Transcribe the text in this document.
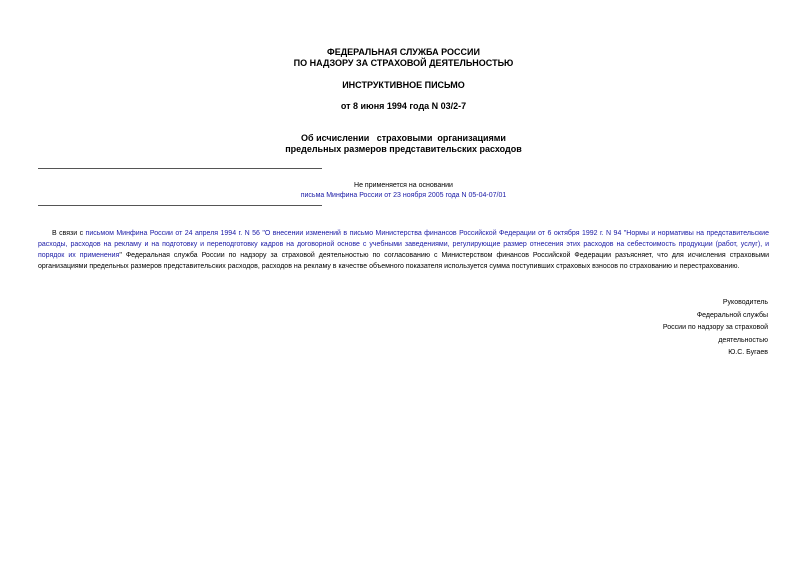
ФЕДЕРАЛЬНАЯ СЛУЖБА РОССИИ
ПО НАДЗОРУ ЗА СТРАХОВОЙ ДЕЯТЕЛЬНОСТЬЮ
ИНСТРУКТИВНОЕ ПИСЬМО
от 8 июня 1994 года N 03/2-7
Об исчислении   страховыми  организациями
предельных размеров представительских расходов
Не применяется на основании
письма Минфина России от 23 ноября 2005 года N 05-04-07/01
В связи с письмом Минфина России от 24 апреля 1994 г. N 56 "О внесении изменений в письмо Министерства финансов Российской Федерации от 6 октября 1992 г. N 94 "Нормы и нормативы на представительские расходы, расходов на рекламу и на подготовку и переподготовку кадров на договорной основе с учебными заведениями, регулирующие размер отнесения этих расходов на себестоимость продукции (работ, услуг), и порядок их применения" Федеральная служба России по надзору за страховой деятельностью по согласованию с Министерством финансов Российской Федерации разъясняет, что для исчисления страховыми организациями предельных размеров представительских расходов, расходов на рекламу в качестве объемного показателя используется сумма поступивших страховых взносов по страхованию и перестрахованию.
Руководитель
Федеральной службы
России по надзору за страховой
деятельностью
Ю.С. Бугаев
